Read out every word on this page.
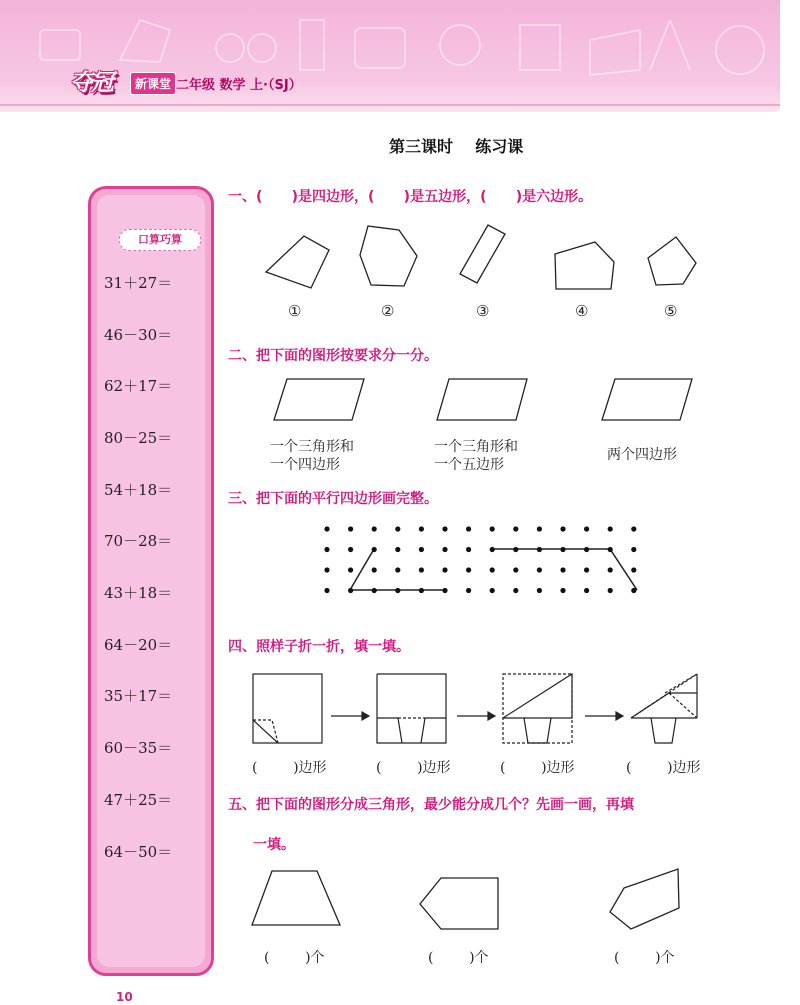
夺冠	新课堂 二年级 数学 上·（SJ）
第三课时    练习课
口算巧算
31＋27＝
46－30＝
62＋17＝
80－25＝
54＋18＝
70－28＝
43＋18＝
64－20＝
35＋17＝
60－35＝
47＋25＝
64－50＝
一、(      )是四边形，(      )是五边形，(      )是六边形。
①	②	③	④	⑤
二、把下面的图形按要求分一分。
一个三角形和
一个四边形
一个三角形和
一个五边形
两个四边形
三、把下面的平行四边形画完整。
四、照样子折一折，填一填。
(        )边形	(        )边形	(        )边形	(        )边形
五、把下面的图形分成三角形，最少能分成几个？先画一画，再填
一填。
(        )个	(        )个	(        )个
10
